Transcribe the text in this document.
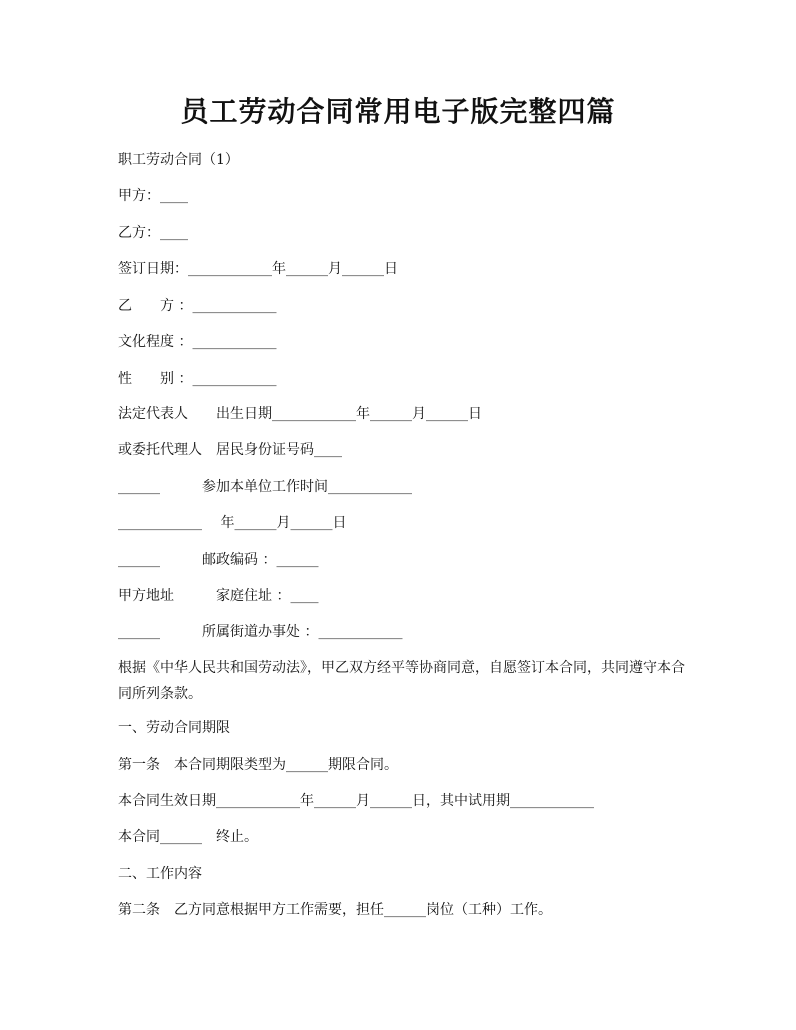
员工劳动合同常用电子版完整四篇

职工劳动合同（1）

甲方：____

乙方：____

签订日期：____________年______月______日

乙　　方 ：____________

文化程度 ：____________

性　　别 ：____________

法定代表人　　出生日期____________年______月______日

或委托代理人　居民身份证号码____

______　　　参加本单位工作时间____________

____________　 年______月______日

______　　　邮政编码 ：______

甲方地址　　　家庭住址 ：____

______　　　所属街道办事处 ：____________

根据《中华人民共和国劳动法》，甲乙双方经平等协商同意，自愿签订本合同，共同遵守本合同所列条款。

一、劳动合同期限

第一条　本合同期限类型为______期限合同。

本合同生效日期____________年______月______日，其中试用期____________

本合同______　终止。

二、工作内容

第二条　乙方同意根据甲方工作需要，担任______岗位（工种）工作。
